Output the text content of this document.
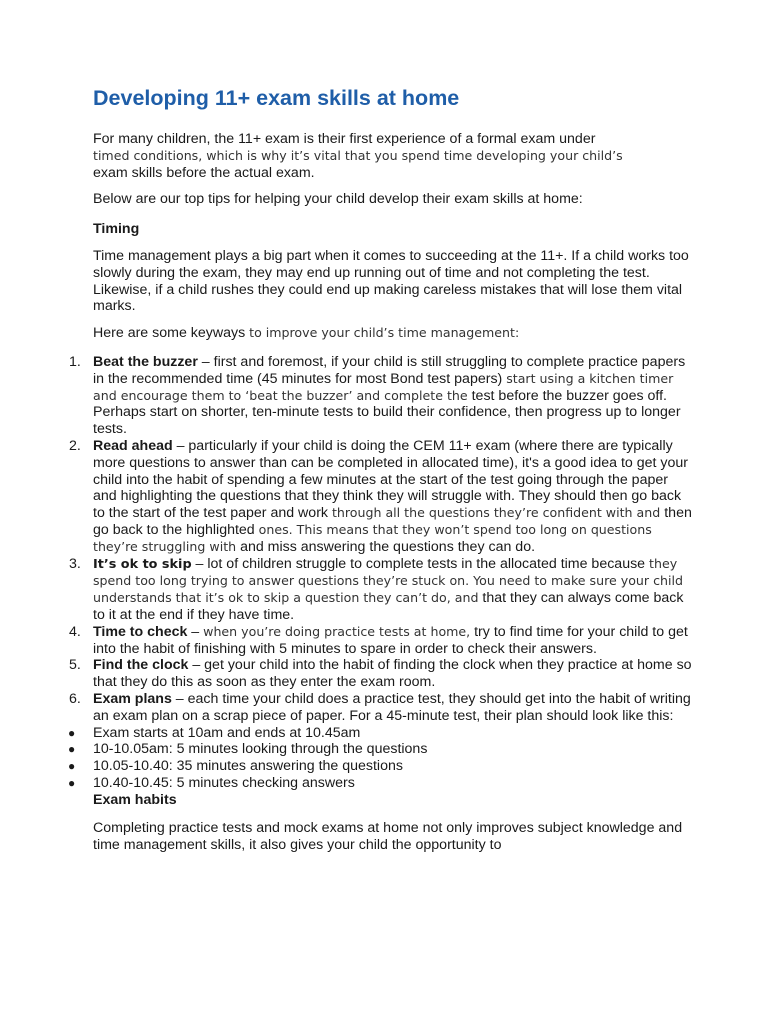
Developing 11+ exam skills at home

For many children, the 11+ exam is their first experience of a formal exam under
timed conditions, which is why it’s vital that you spend time developing your child’s
exam skills before the actual exam.

Below are our top tips for helping your child develop their exam skills at home:

Timing

Time management plays a big part when it comes to succeeding at the 11+. If a child works too slowly during the exam, they may end up running out of time and not completing the test. Likewise, if a child rushes they could end up making careless mistakes that will lose them vital marks.

Here are some keyways to improve your child’s time management:

1. Beat the buzzer – first and foremost, if your child is still struggling to complete practice papers in the recommended time (45 minutes for most Bond test papers) start using a kitchen timer and encourage them to ‘beat the buzzer’ and complete the test before the buzzer goes off. Perhaps start on shorter, ten-minute tests to build their confidence, then progress up to longer tests.
2. Read ahead – particularly if your child is doing the CEM 11+ exam (where there are typically more questions to answer than can be completed in allocated time), it's a good idea to get your child into the habit of spending a few minutes at the start of the test going through the paper and highlighting the questions that they think they will struggle with. They should then go back to the start of the test paper and work through all the questions they’re confident with and then go back to the highlighted ones. This means that they won’t spend too long on questions they’re struggling with and miss answering the questions they can do.
3. It’s ok to skip – lot of children struggle to complete tests in the allocated time because they spend too long trying to answer questions they’re stuck on. You need to make sure your child understands that it’s ok to skip a question they can’t do, and that they can always come back to it at the end if they have time.
4. Time to check – when you’re doing practice tests at home, try to find time for your child to get into the habit of finishing with 5 minutes to spare in order to check their answers.
5. Find the clock – get your child into the habit of finding the clock when they practice at home so that they do this as soon as they enter the exam room.
6. Exam plans – each time your child does a practice test, they should get into the habit of writing an exam plan on a scrap piece of paper. For a 45-minute test, their plan should look like this:
● Exam starts at 10am and ends at 10.45am
● 10-10.05am: 5 minutes looking through the questions
● 10.05-10.40: 35 minutes answering the questions
● 10.40-10.45: 5 minutes checking answers

Exam habits

Completing practice tests and mock exams at home not only improves subject knowledge and time management skills, it also gives your child the opportunity to
